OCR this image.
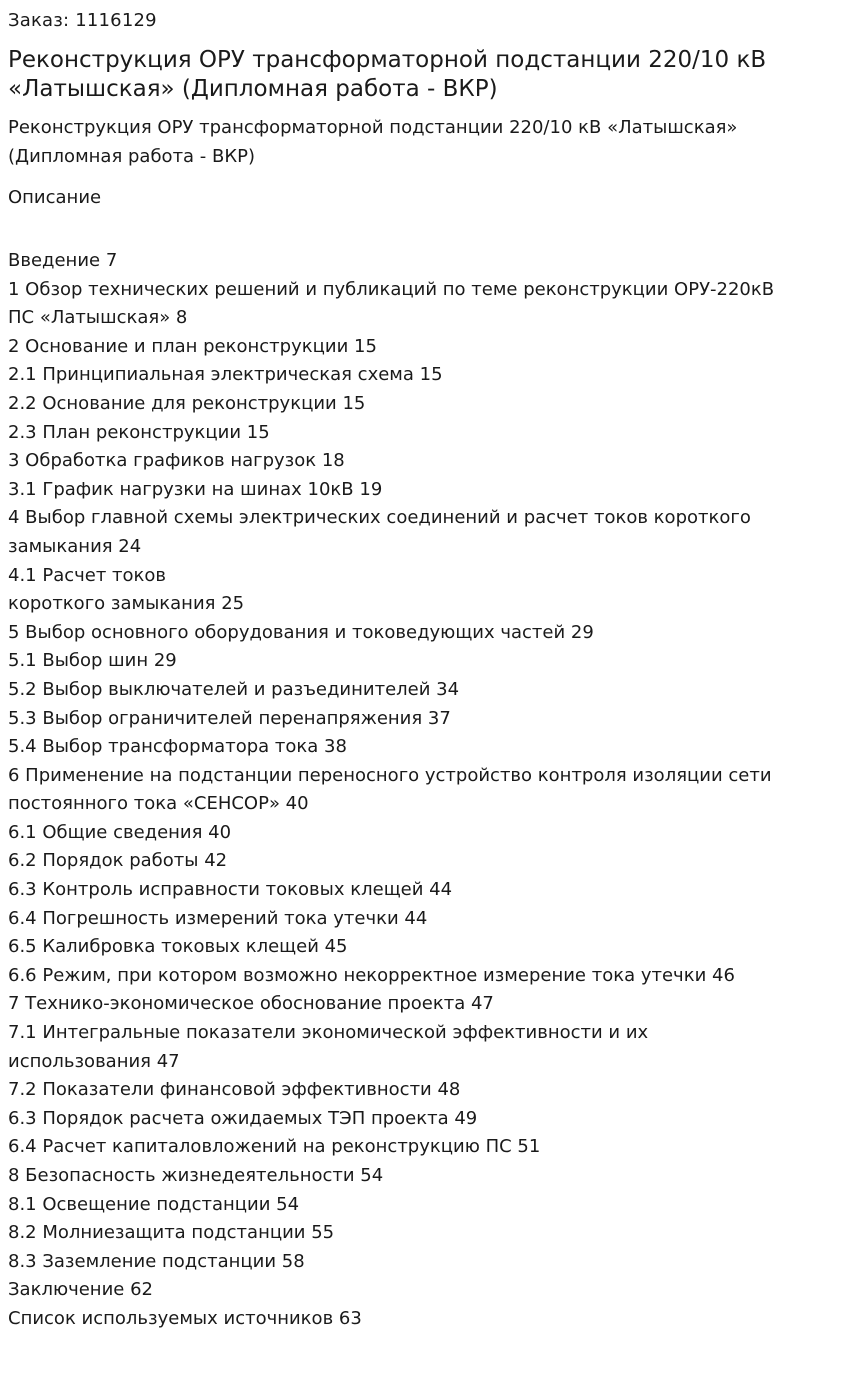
Заказ: 1116129
Реконструкция ОРУ трансформаторной подстанции 220/10 кВ «Латышская» (Дипломная работа - ВКР)

Реконструкция ОРУ трансформаторной подстанции 220/10 кВ «Латышская» (Дипломная работа - ВКР)

Описание
Введение 7
1 Обзор технических решений и публикаций по теме реконструкции ОРУ-220кВ
ПС «Латышская» 8
2 Основание и план реконструкции 15
2.1 Принципиальная электрическая схема 15
2.2 Основание для реконструкции 15
2.3 План реконструкции 15
3 Обработка графиков нагрузок 18
3.1 График нагрузки на шинах 10кВ 19
4 Выбор главной схемы электрических соединений и расчет токов короткого
замыкания 24
4.1 Расчет токов
короткого замыкания 25
5 Выбор основного оборудования и токоведующих частей 29
5.1 Выбор шин 29
5.2 Выбор выключателей и разъединителей 34
5.3 Выбор ограничителей перенапряжения 37
5.4 Выбор трансформатора тока 38
6 Применение на подстанции переносного устройство контроля изоляции сети
постоянного тока «СЕНСОР» 40
6.1 Общие сведения 40
6.2 Порядок работы 42
6.3 Контроль исправности токовых клещей 44
6.4 Погрешность измерений тока утечки 44
6.5 Калибровка токовых клещей 45
6.6 Режим, при котором возможно некорректное измерение тока утечки 46
7 Технико-экономическое обоснование проекта 47
7.1 Интегральные показатели экономической эффективности и их
использования 47
7.2 Показатели финансовой эффективности 48
6.3 Порядок расчета ожидаемых ТЭП проекта 49
6.4 Расчет капиталовложений на реконструкцию ПС 51
8 Безопасность жизнедеятельности 54
8.1 Освещение подстанции 54
8.2 Молниезащита подстанции 55
8.3 Заземление подстанции 58
Заключение 62
Список используемых источников 63
